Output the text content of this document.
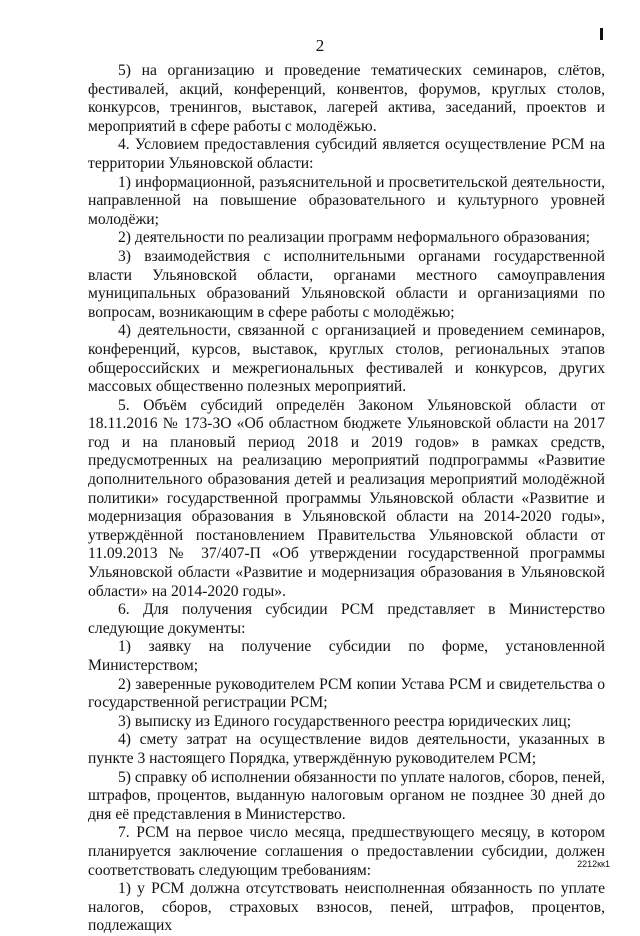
2

5) на организацию и проведение тематических семинаров, слётов, фестивалей, акций, конференций, конвентов, форумов, круглых столов, конкурсов, тренингов, выставок, лагерей актива, заседаний, проектов и мероприятий в сфере работы с молодёжью.

4. Условием предоставления субсидий является осуществление РСМ на территории Ульяновской области:

1) информационной, разъяснительной и просветительской деятельности, направленной на повышение образовательного и культурного уровней молодёжи;

2) деятельности по реализации программ неформального образования;

3) взаимодействия с исполнительными органами государственной власти Ульяновской области, органами местного самоуправления муниципальных образований Ульяновской области и организациями по вопросам, возникающим в сфере работы с молодёжью;

4) деятельности, связанной с организацией и проведением семинаров, конференций, курсов, выставок, круглых столов, региональных этапов общероссийских и межрегиональных фестивалей и конкурсов, других массовых общественно полезных мероприятий.

5. Объём субсидий определён Законом Ульяновской области от 18.11.2016 № 173-ЗО «Об областном бюджете Ульяновской области на 2017 год и на плановый период 2018 и 2019 годов» в рамках средств, предусмотренных на реализацию мероприятий подпрограммы «Развитие дополнительного образования детей и реализация мероприятий молодёжной политики» государственной программы Ульяновской области «Развитие и модернизация образования в Ульяновской области на 2014-2020 годы», утверждённой постановлением Правительства Ульяновской области от 11.09.2013 № 37/407-П «Об утверждении государственной программы Ульяновской области «Развитие и модернизация образования в Ульяновской области» на 2014-2020 годы».

6. Для получения субсидии РСМ представляет в Министерство следующие документы:

1) заявку на получение субсидии по форме, установленной Министерством;

2) заверенные руководителем РСМ копии Устава РСМ и свидетельства о государственной регистрации РСМ;

3) выписку из Единого государственного реестра юридических лиц;

4) смету затрат на осуществление видов деятельности, указанных в пункте 3 настоящего Порядка, утверждённую руководителем РСМ;

5) справку об исполнении обязанности по уплате налогов, сборов, пеней, штрафов, процентов, выданную налоговым органом не позднее 30 дней до дня её представления в Министерство.

7. РСМ на первое число месяца, предшествующего месяцу, в котором планируется заключение соглашения о предоставлении субсидии, должен соответствовать следующим требованиям:

1) у РСМ должна отсутствовать неисполненная обязанность по уплате налогов, сборов, страховых взносов, пеней, штрафов, процентов, подлежащих

2212кк1
